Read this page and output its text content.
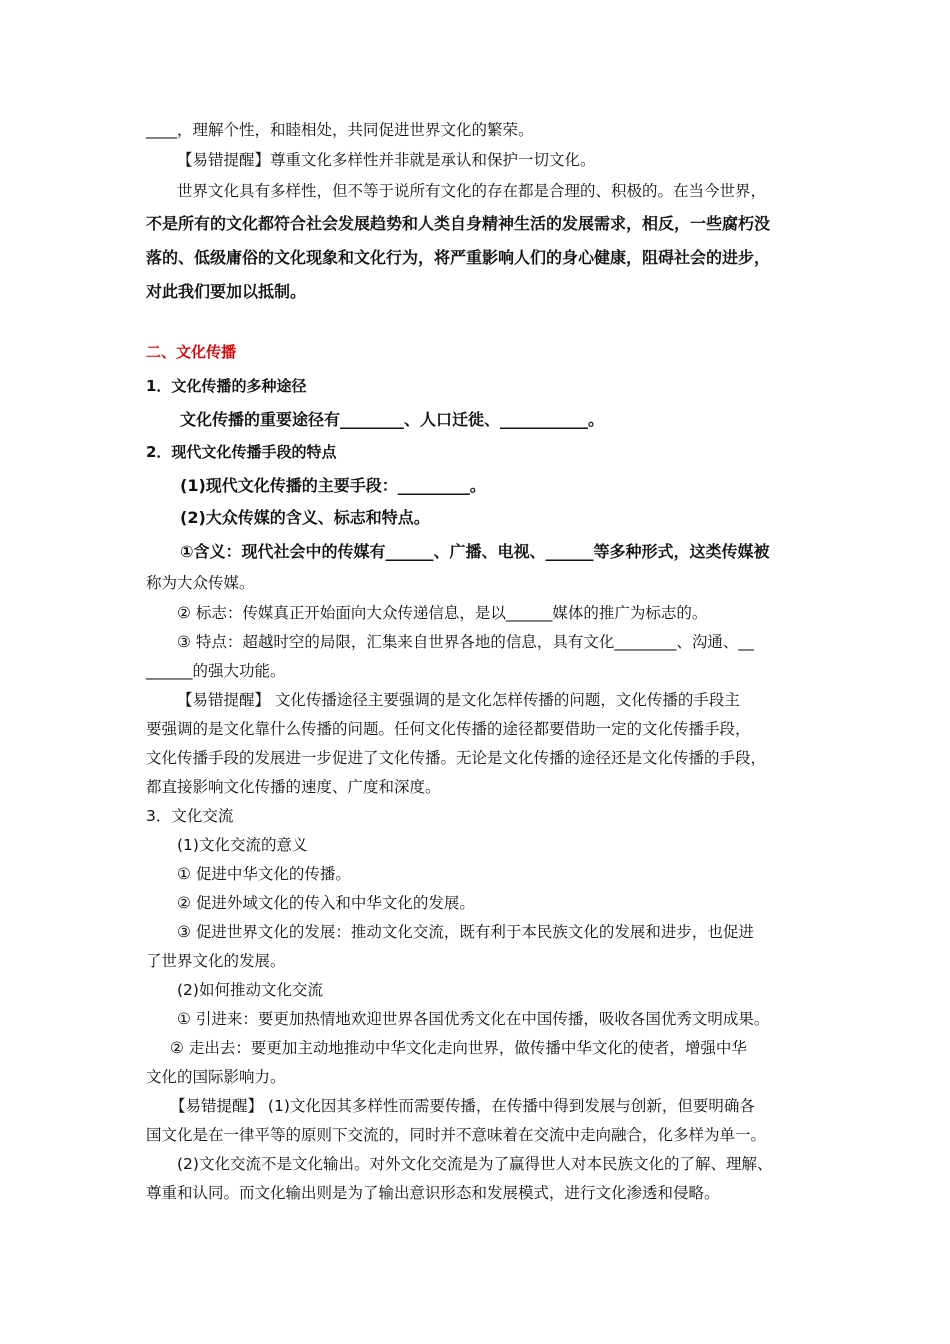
____，理解个性，和睦相处，共同促进世界文化的繁荣。
【易错提醒】尊重文化多样性并非就是承认和保护一切文化。
世界文化具有多样性，但不等于说所有文化的存在都是合理的、积极的。在当今世界，
不是所有的文化都符合社会发展趋势和人类自身精神生活的发展需求，相反，一些腐朽没
落的、低级庸俗的文化现象和文化行为，将严重影响人们的身心健康，阻碍社会的进步，
对此我们要加以抵制。
二、文化传播
1．文化传播的多种途径
文化传播的重要途径有________、人口迁徙、___________。
2．现代文化传播手段的特点
(1)现代文化传播的主要手段：_________。
(2)大众传媒的含义、标志和特点。
①含义：现代社会中的传媒有______、广播、电视、______等多种形式，这类传媒被
称为大众传媒。
② 标志：传媒真正开始面向大众传递信息，是以______媒体的推广为标志的。
③ 特点：超越时空的局限，汇集来自世界各地的信息，具有文化________、沟通、__
______的强大功能。
【易错提醒】 文化传播途径主要强调的是文化怎样传播的问题，文化传播的手段主
要强调的是文化靠什么传播的问题。任何文化传播的途径都要借助一定的文化传播手段，
文化传播手段的发展进一步促进了文化传播。无论是文化传播的途径还是文化传播的手段，
都直接影响文化传播的速度、广度和深度。
3．文化交流
(1)文化交流的意义
① 促进中华文化的传播。
② 促进外域文化的传入和中华文化的发展。
③ 促进世界文化的发展：推动文化交流，既有利于本民族文化的发展和进步，也促进
了世界文化的发展。
(2)如何推动文化交流
① 引进来：要更加热情地欢迎世界各国优秀文化在中国传播，吸收各国优秀文明成果。
② 走出去：要更加主动地推动中华文化走向世界，做传播中华文化的使者，增强中华
文化的国际影响力。
【易错提醒】 (1)文化因其多样性而需要传播，在传播中得到发展与创新，但要明确各
国文化是在一律平等的原则下交流的，同时并不意味着在交流中走向融合，化多样为单一。
(2)文化交流不是文化输出。对外文化交流是为了赢得世人对本民族文化的了解、理解、
尊重和认同。而文化输出则是为了输出意识形态和发展模式，进行文化渗透和侵略。
